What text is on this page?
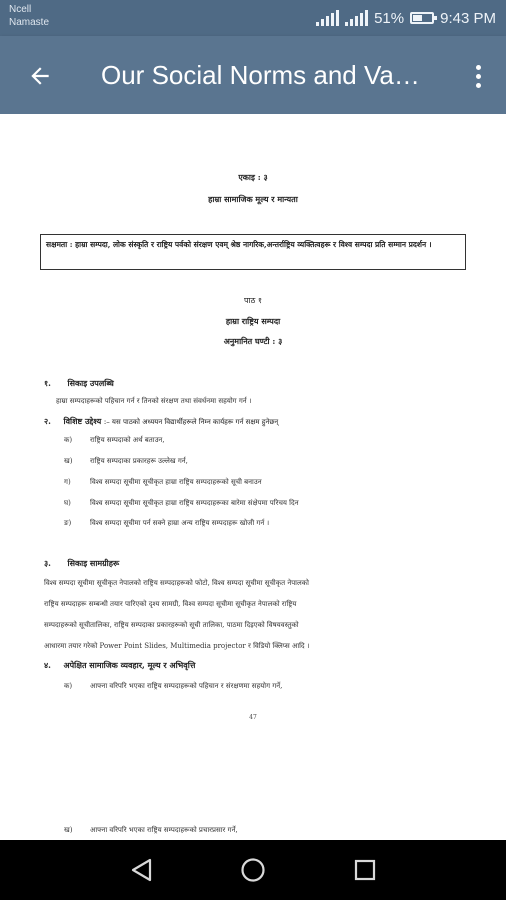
Ncell
Namaste	51% 9:43 PM
Our Social Norms and Va…
एकाइ : ३
हाम्रा सामाजिक मूल्य र मान्यता
सक्षमता : हाम्रा सम्पदा, लोक संस्कृति र राष्ट्रिय पर्वको संरक्षण एवम् श्रेष्ठ नागरिक,अन्तर्राष्ट्रिय व्यक्तित्वहरू र विश्व सम्पदा प्रति सम्मान प्रदर्शन ।
पाठ १
हाम्रा राष्ट्रिय सम्पदा
अनुमानित घण्टी : ३
१. सिकाइ उपलब्धि
हाम्रा सम्पदाहरूको पहिचान गर्न र तिनको संरक्षण तथा संवर्धनमा सहयोग गर्न ।
२. विशिष्ट उद्देश्य :– यस पाठको अध्ययन विद्यार्थीहरूले निम्न कार्यहरू गर्न सक्षम हुनेछन्
क)	राष्ट्रिय सम्पदाको अर्थ बताउन,
ख)	राष्ट्रिय सम्पदाका प्रकारहरू उल्लेख गर्न,
ग)	विश्व सम्पदा सूचीमा सूचीकृत हाम्रा राष्ट्रिय सम्पदाहरूको सूची बनाउन
घ)	विश्व सम्पदा सूचीमा सूचीकृत हाम्रा राष्ट्रिय सम्पदाहरूका बारेमा संक्षेपमा परिचय दिन
ङ)	विश्व सम्पदा सूचीमा पर्न सक्ने हाम्रा अन्य राष्ट्रिय सम्पदाहरू खोजी गर्न ।
३. सिकाइ सामग्रीहरू
विश्व सम्पदा सूचीमा सूचीकृत नेपालको राष्ट्रिय सम्पदाहरूको फोटो, विश्व सम्पदा सूचीमा सूचीकृत नेपालको
राष्ट्रिय सम्पदाहरू सम्बन्धी तयार पारिएको दृश्य सामग्री, विश्व सम्पदा सूचीमा सूचीकृत नेपालको राष्ट्रिय
सम्पदाहरूको सूचीतालिका, राष्ट्रिय सम्पदाका प्रकारहरूको सूची तालिका, पाठमा दिइएको विषयवस्तुको
आधारमा तयार गरेको Power Point Slides, Multimedia projector र विडियो क्लिप्स आदि ।
४. अपेक्षित सामाजिक व्यवहार, मूल्य र अभिवृत्ति
क)	आफ्ना वरिपरि भएका राष्ट्रिय सम्पदाहरूको पहिचान र संरक्षणमा सहयोग गर्ने,
47
ख)	आफ्ना वरिपरि भएका राष्ट्रिय सम्पदाहरूको प्रचारप्रसार गर्ने,
